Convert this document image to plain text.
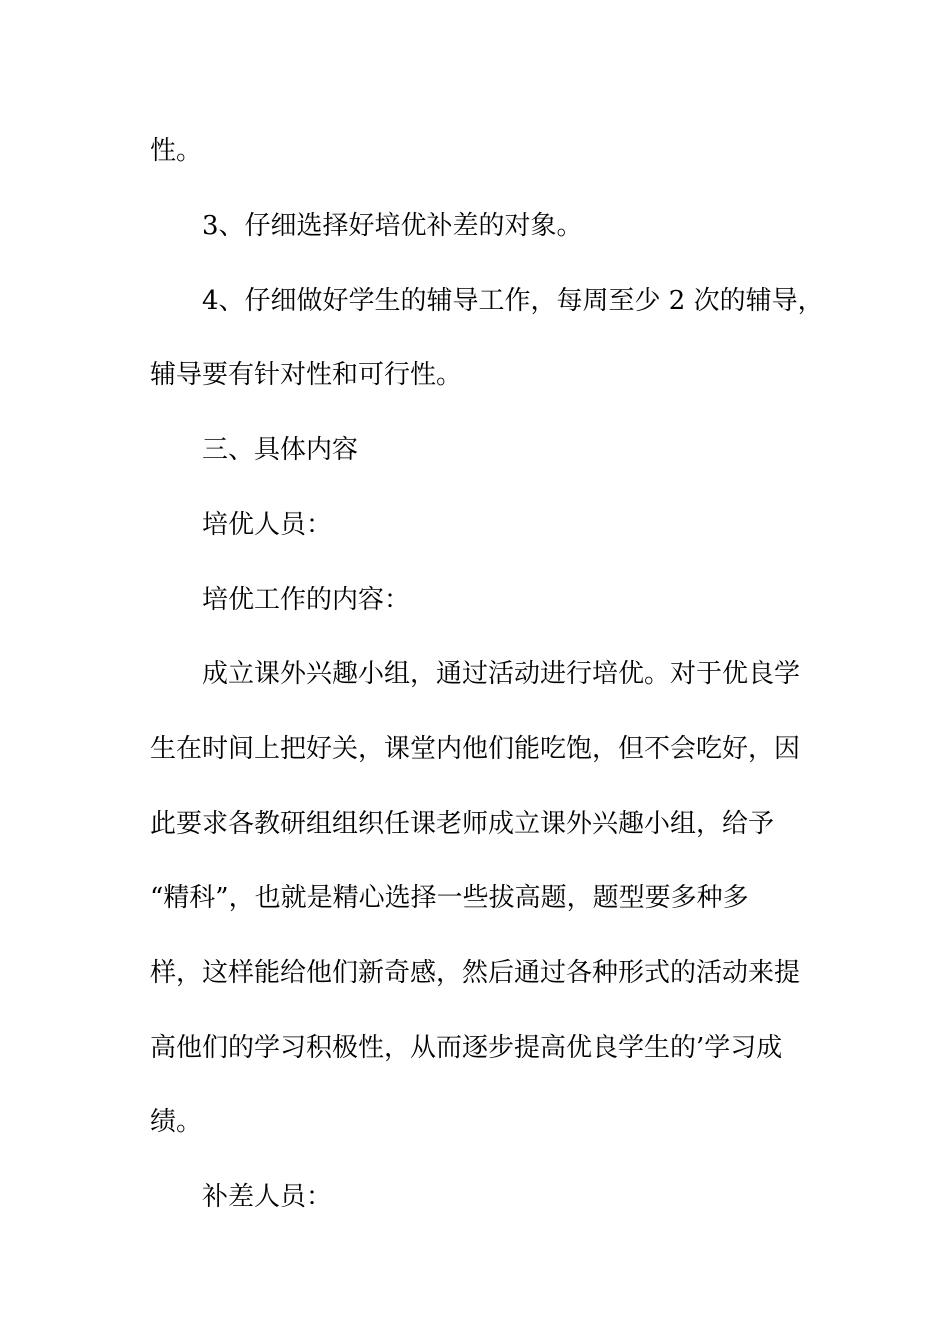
性。
3、仔细选择好培优补差的对象。
4、仔细做好学生的辅导工作，每周至少 2 次的辅导，
辅导要有针对性和可行性。
三、具体内容
培优人员：
培优工作的内容：
成立课外兴趣小组，通过活动进行培优。对于优良学
生在时间上把好关，课堂内他们能吃饱，但不会吃好，因
此要求各教研组组织任课老师成立课外兴趣小组，给予
“精科”，也就是精心选择一些拔高题，题型要多种多
样，这样能给他们新奇感，然后通过各种形式的活动来提
高他们的学习积极性，从而逐步提高优良学生的’学习成
绩。
补差人员：
